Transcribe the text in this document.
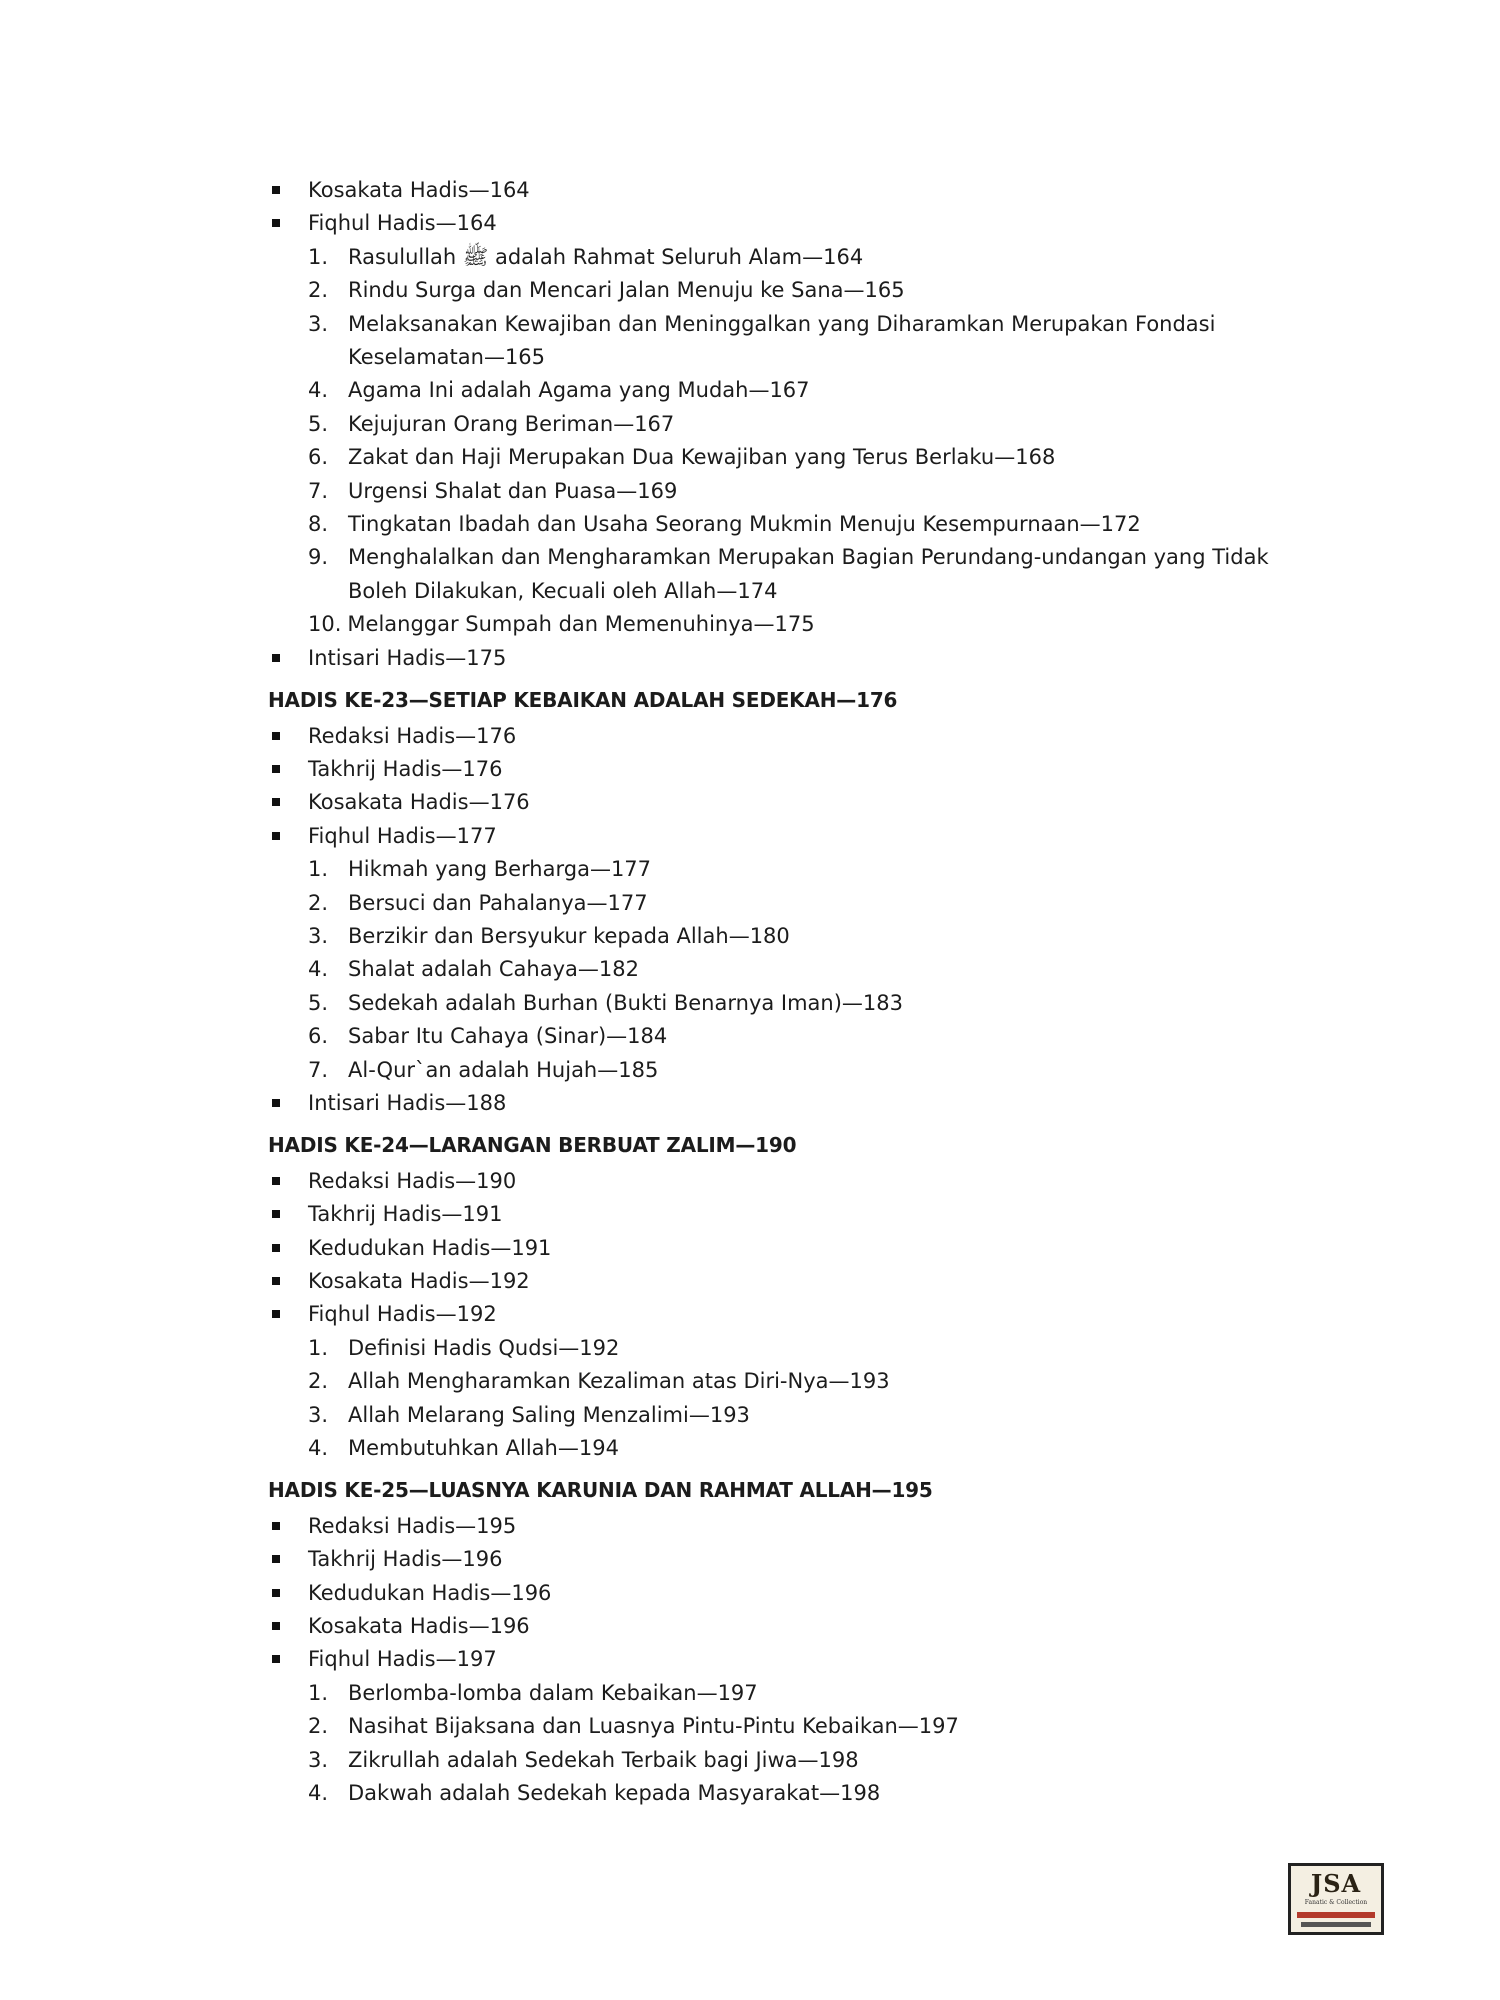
Kosakata Hadis—164
Fiqhul Hadis—164
1. Rasulullah ﷺ adalah Rahmat Seluruh Alam—164
2. Rindu Surga dan Mencari Jalan Menuju ke Sana—165
3. Melaksanakan Kewajiban dan Meninggalkan yang Diharamkan Merupakan Fondasi Keselamatan—165
4. Agama Ini adalah Agama yang Mudah—167
5. Kejujuran Orang Beriman—167
6. Zakat dan Haji Merupakan Dua Kewajiban yang Terus Berlaku—168
7. Urgensi Shalat dan Puasa—169
8. Tingkatan Ibadah dan Usaha Seorang Mukmin Menuju Kesempurnaan—172
9. Menghalalkan dan Mengharamkan Merupakan Bagian Perundang-undangan yang Tidak Boleh Dilakukan, Kecuali oleh Allah—174
10. Melanggar Sumpah dan Memenuhinya—175
Intisari Hadis—175
HADIS KE-23—SETIAP KEBAIKAN ADALAH SEDEKAH—176
Redaksi Hadis—176
Takhrij Hadis—176
Kosakata Hadis—176
Fiqhul Hadis—177
1. Hikmah yang Berharga—177
2. Bersuci dan Pahalanya—177
3. Berzikir dan Bersyukur kepada Allah—180
4. Shalat adalah Cahaya—182
5. Sedekah adalah Burhan (Bukti Benarnya Iman)—183
6. Sabar Itu Cahaya (Sinar)—184
7. Al-Qur`an adalah Hujah—185
Intisari Hadis—188
HADIS KE-24—LARANGAN BERBUAT ZALIM—190
Redaksi Hadis—190
Takhrij Hadis—191
Kedudukan Hadis—191
Kosakata Hadis—192
Fiqhul Hadis—192
1. Definisi Hadis Qudsi—192
2. Allah Mengharamkan Kezaliman atas Diri-Nya—193
3. Allah Melarang Saling Menzalimi—193
4. Membutuhkan Allah—194
HADIS KE-25—LUASNYA KARUNIA DAN RAHMAT ALLAH—195
Redaksi Hadis—195
Takhrij Hadis—196
Kedudukan Hadis—196
Kosakata Hadis—196
Fiqhul Hadis—197
1. Berlomba-lomba dalam Kebaikan—197
2. Nasihat Bijaksana dan Luasnya Pintu-Pintu Kebaikan—197
3. Zikrullah adalah Sedekah Terbaik bagi Jiwa—198
4. Dakwah adalah Sedekah kepada Masyarakat—198
JSA
Fanatic & Collection
